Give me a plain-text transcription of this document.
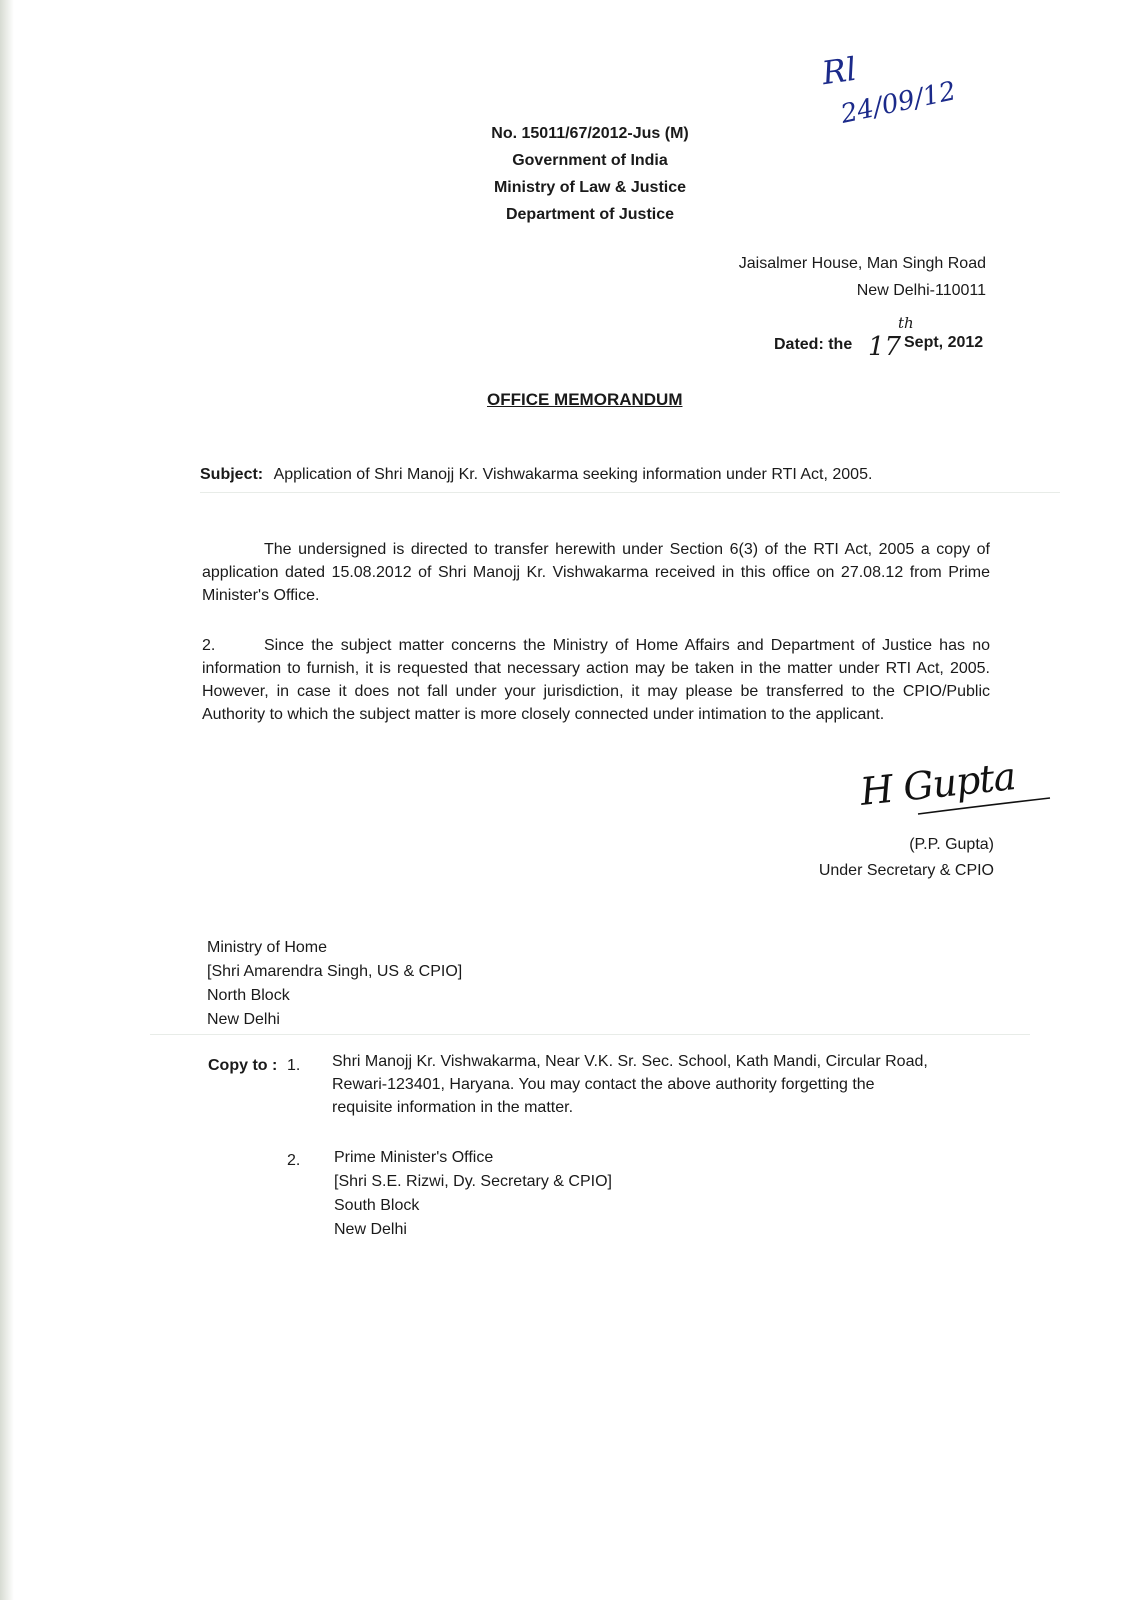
Rl
24/09/12
No. 15011/67/2012-Jus (M)
Government of India
Ministry of Law & Justice
Department of Justice
Jaisalmer House, Man Singh Road
New Delhi-110011
Dated: the 17
th
Sept, 2012
OFFICE MEMORANDUM
Subject: Application of Shri Manojj Kr. Vishwakarma seeking information under RTI Act, 2005.
The undersigned is directed to transfer herewith under Section 6(3) of the RTI Act, 2005 a copy of application dated 15.08.2012 of Shri Manojj Kr. Vishwakarma received in this office on 27.08.12 from Prime Minister's Office.
2.	Since the subject matter concerns the Ministry of Home Affairs and Department of Justice has no information to furnish, it is requested that necessary action may be taken in the matter under RTI Act, 2005. However, in case it does not fall under your jurisdiction, it may please be transferred to the CPIO/Public Authority to which the subject matter is more closely connected under intimation to the applicant.
H Gupta
(P.P. Gupta)
Under Secretary & CPIO
Ministry of Home
[Shri Amarendra Singh, US & CPIO]
North Block
New Delhi
Copy to : 1. Shri Manojj Kr. Vishwakarma, Near V.K. Sr. Sec. School, Kath Mandi, Circular Road,
Rewari-123401, Haryana. You may contact the above authority forgetting the
requisite information in the matter.
2. Prime Minister's Office
[Shri S.E. Rizwi, Dy. Secretary & CPIO]
South Block
New Delhi
